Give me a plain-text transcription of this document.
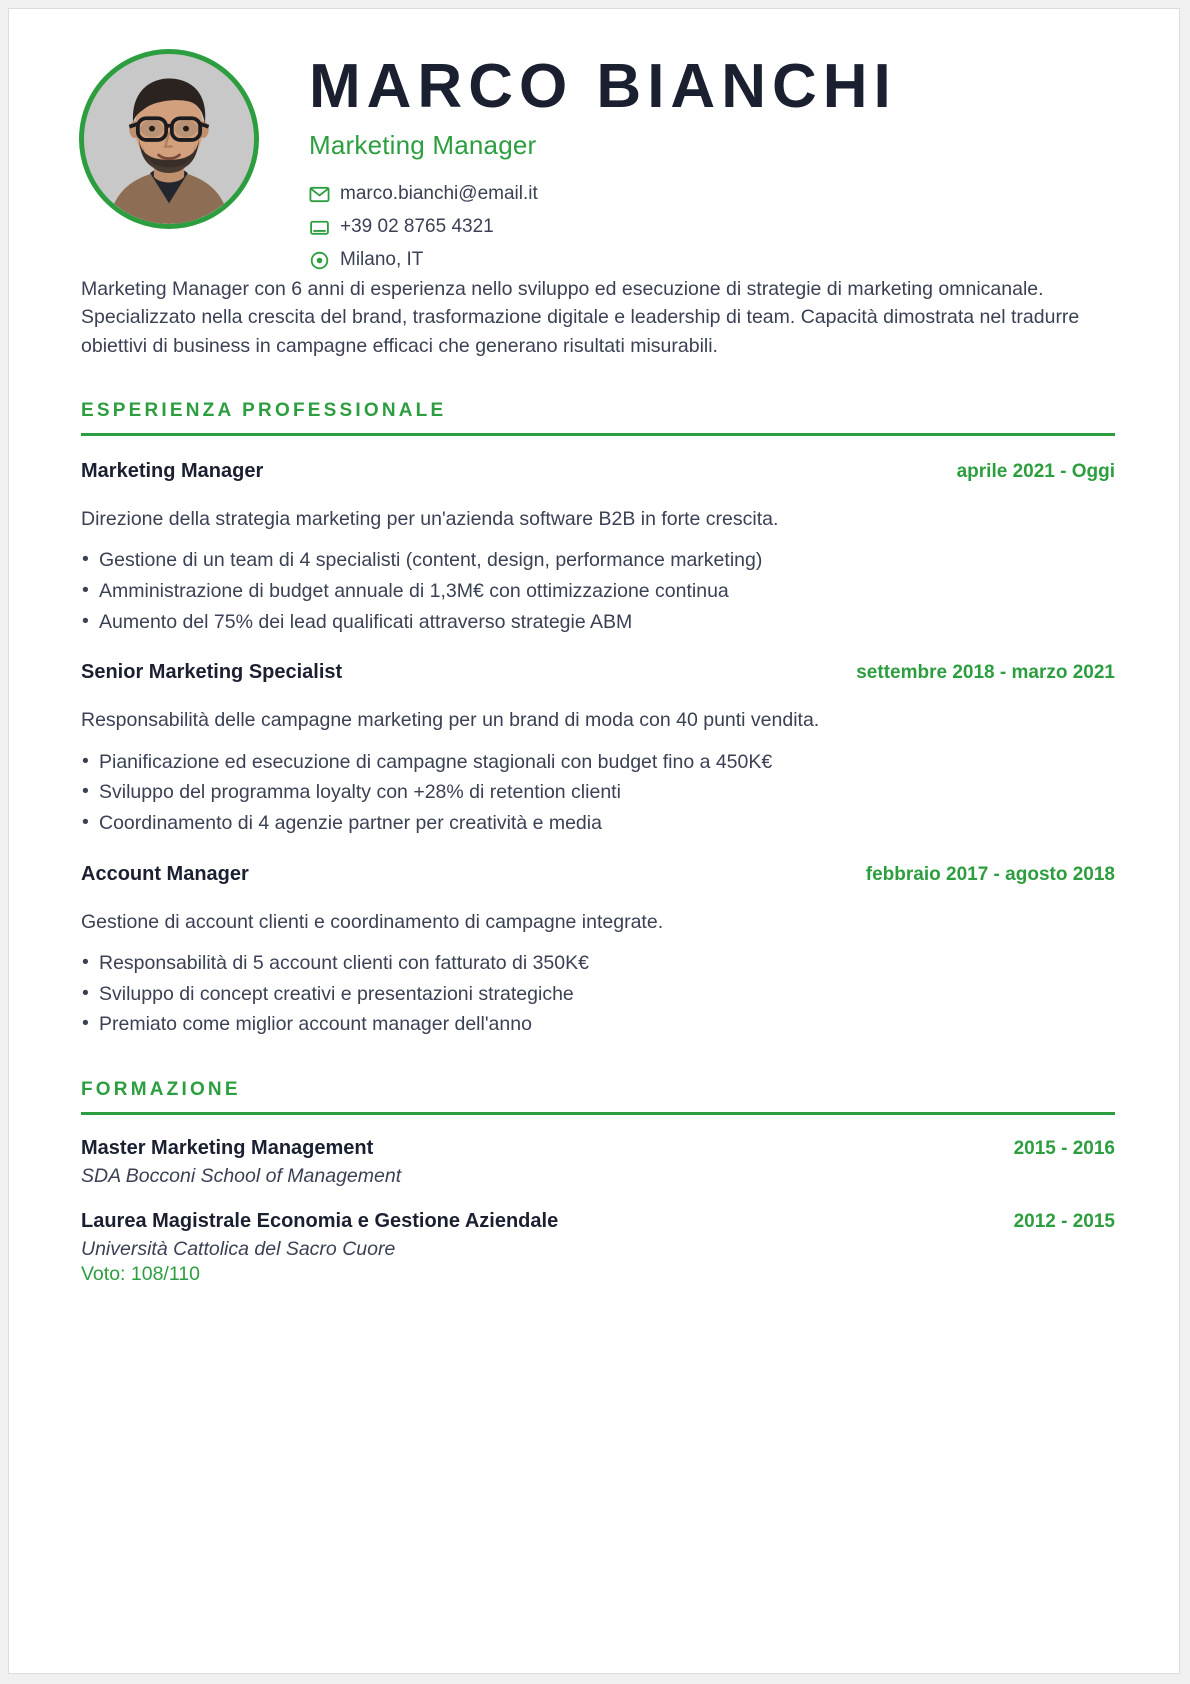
MARCO BIANCHI
Marketing Manager
marco.bianchi@email.it
+39 02 8765 4321
Milano, IT
Marketing Manager con 6 anni di esperienza nello sviluppo ed esecuzione di strategie di marketing omnicanale. Specializzato nella crescita del brand, trasformazione digitale e leadership di team. Capacità dimostrata nel tradurre obiettivi di business in campagne efficaci che generano risultati misurabili.
ESPERIENZA PROFESSIONALE
Marketing Manager	aprile 2021 - Oggi
Direzione della strategia marketing per un'azienda software B2B in forte crescita.
• Gestione di un team di 4 specialisti (content, design, performance marketing)
• Amministrazione di budget annuale di 1,3M€ con ottimizzazione continua
• Aumento del 75% dei lead qualificati attraverso strategie ABM
Senior Marketing Specialist	settembre 2018 - marzo 2021
Responsabilità delle campagne marketing per un brand di moda con 40 punti vendita.
• Pianificazione ed esecuzione di campagne stagionali con budget fino a 450K€
• Sviluppo del programma loyalty con +28% di retention clienti
• Coordinamento di 4 agenzie partner per creatività e media
Account Manager	febbraio 2017 - agosto 2018
Gestione di account clienti e coordinamento di campagne integrate.
• Responsabilità di 5 account clienti con fatturato di 350K€
• Sviluppo di concept creativi e presentazioni strategiche
• Premiato come miglior account manager dell'anno
FORMAZIONE
Master Marketing Management	2015 - 2016
SDA Bocconi School of Management
Laurea Magistrale Economia e Gestione Aziendale	2012 - 2015
Università Cattolica del Sacro Cuore
Voto: 108/110
